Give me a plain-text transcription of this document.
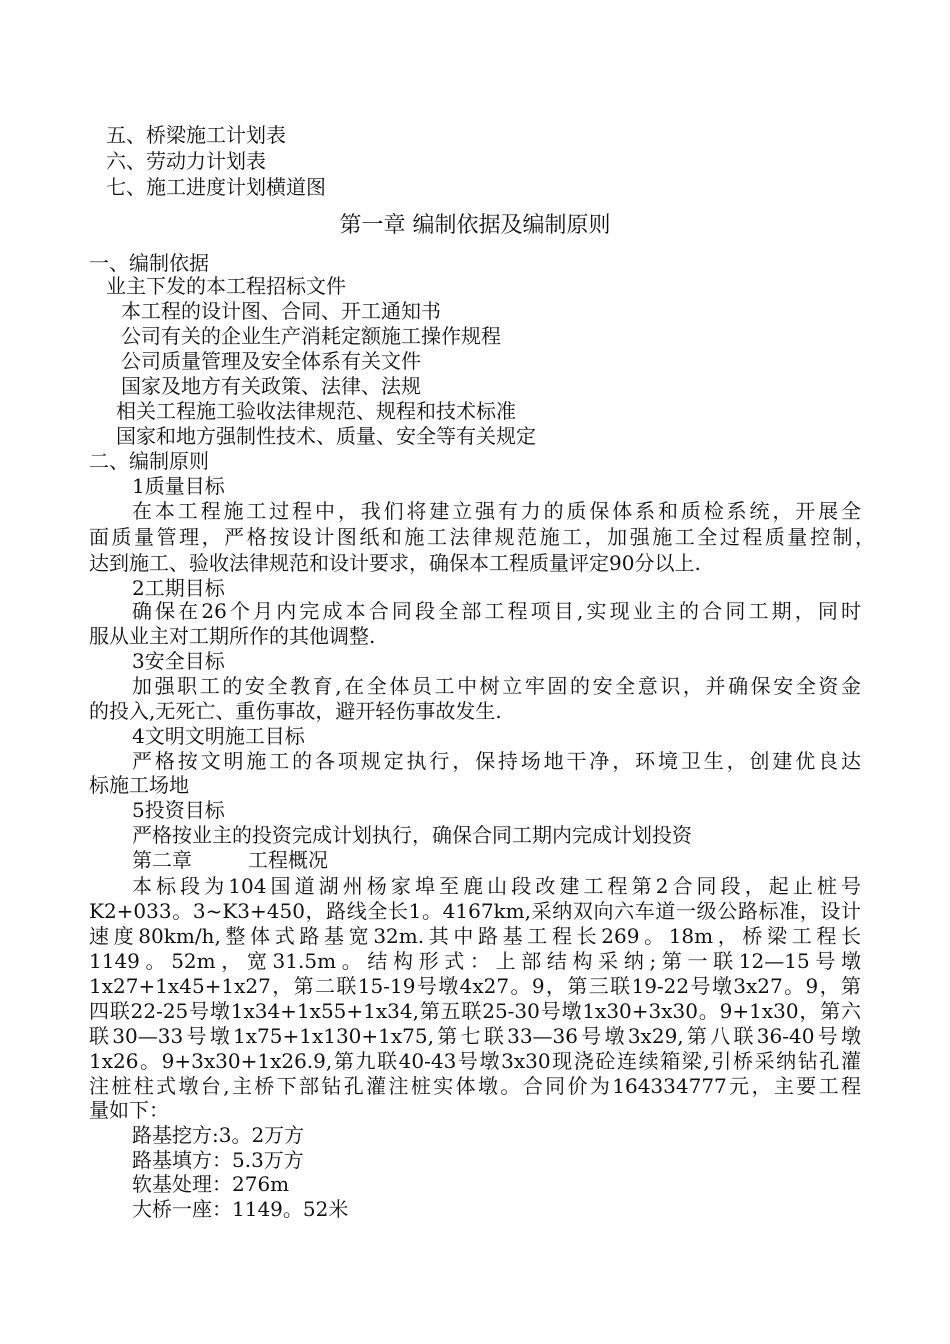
五、桥梁施工计划表
六、劳动力计划表
七、施工进度计划横道图
第一章 编制依据及编制原则
一、编制依据
业主下发的本工程招标文件
本工程的设计图、合同、开工通知书
公司有关的企业生产消耗定额施工操作规程
公司质量管理及安全体系有关文件
国家及地方有关政策、法律、法规
相关工程施工验收法律规范、规程和技术标准
国家和地方强制性技术、质量、安全等有关规定
二、编制原则
1质量目标
在本工程施工过程中，我们将建立强有力的质保体系和质检系统，开展全
面质量管理，严格按设计图纸和施工法律规范施工，加强施工全过程质量控制，
达到施工、验收法律规范和设计要求，确保本工程质量评定90分以上.
2工期目标
确保在26个月内完成本合同段全部工程项目,实现业主的合同工期，同时
服从业主对工期所作的其他调整.
3安全目标
加强职工的安全教育,在全体员工中树立牢固的安全意识，并确保安全资金
的投入,无死亡、重伤事故，避开轻伤事故发生.
4文明文明施工目标
严格按文明施工的各项规定执行，保持场地干净，环境卫生，创建优良达
标施工场地
5投资目标
严格按业主的投资完成计划执行，确保合同工期内完成计划投资
第二章	工程概况
本标段为104国道湖州杨家埠至鹿山段改建工程第2合同段，起止桩号
K2+033。3~K3+450，路线全长1。4167km,采纳双向六车道一级公路标准，设计
速度80km/h,整体式路基宽32m.其中路基工程长269。18m，桥梁工程长
1149。52m，宽31.5m。结构形式：上部结构采纳;第一联12—15号墩
1x27+1x45+1x27，第二联15-19号墩4x27。9，第三联19-22号墩3x27。9，第
四联22-25号墩1x34+1x55+1x34,第五联25-30号墩1x30+3x30。9+1x30，第六
联30—33号墩1x75+1x130+1x75,第七联33—36号墩3x29,第八联36-40号墩
1x26。9+3x30+1x26.9,第九联40-43号墩3x30现浇砼连续箱梁,引桥采纳钻孔灌
注桩柱式墩台,主桥下部钻孔灌注桩实体墩。合同价为164334777元，主要工程
量如下：
路基挖方:3。2万方
路基填方：5.3万方
软基处理：276m
大桥一座：1149。52米
